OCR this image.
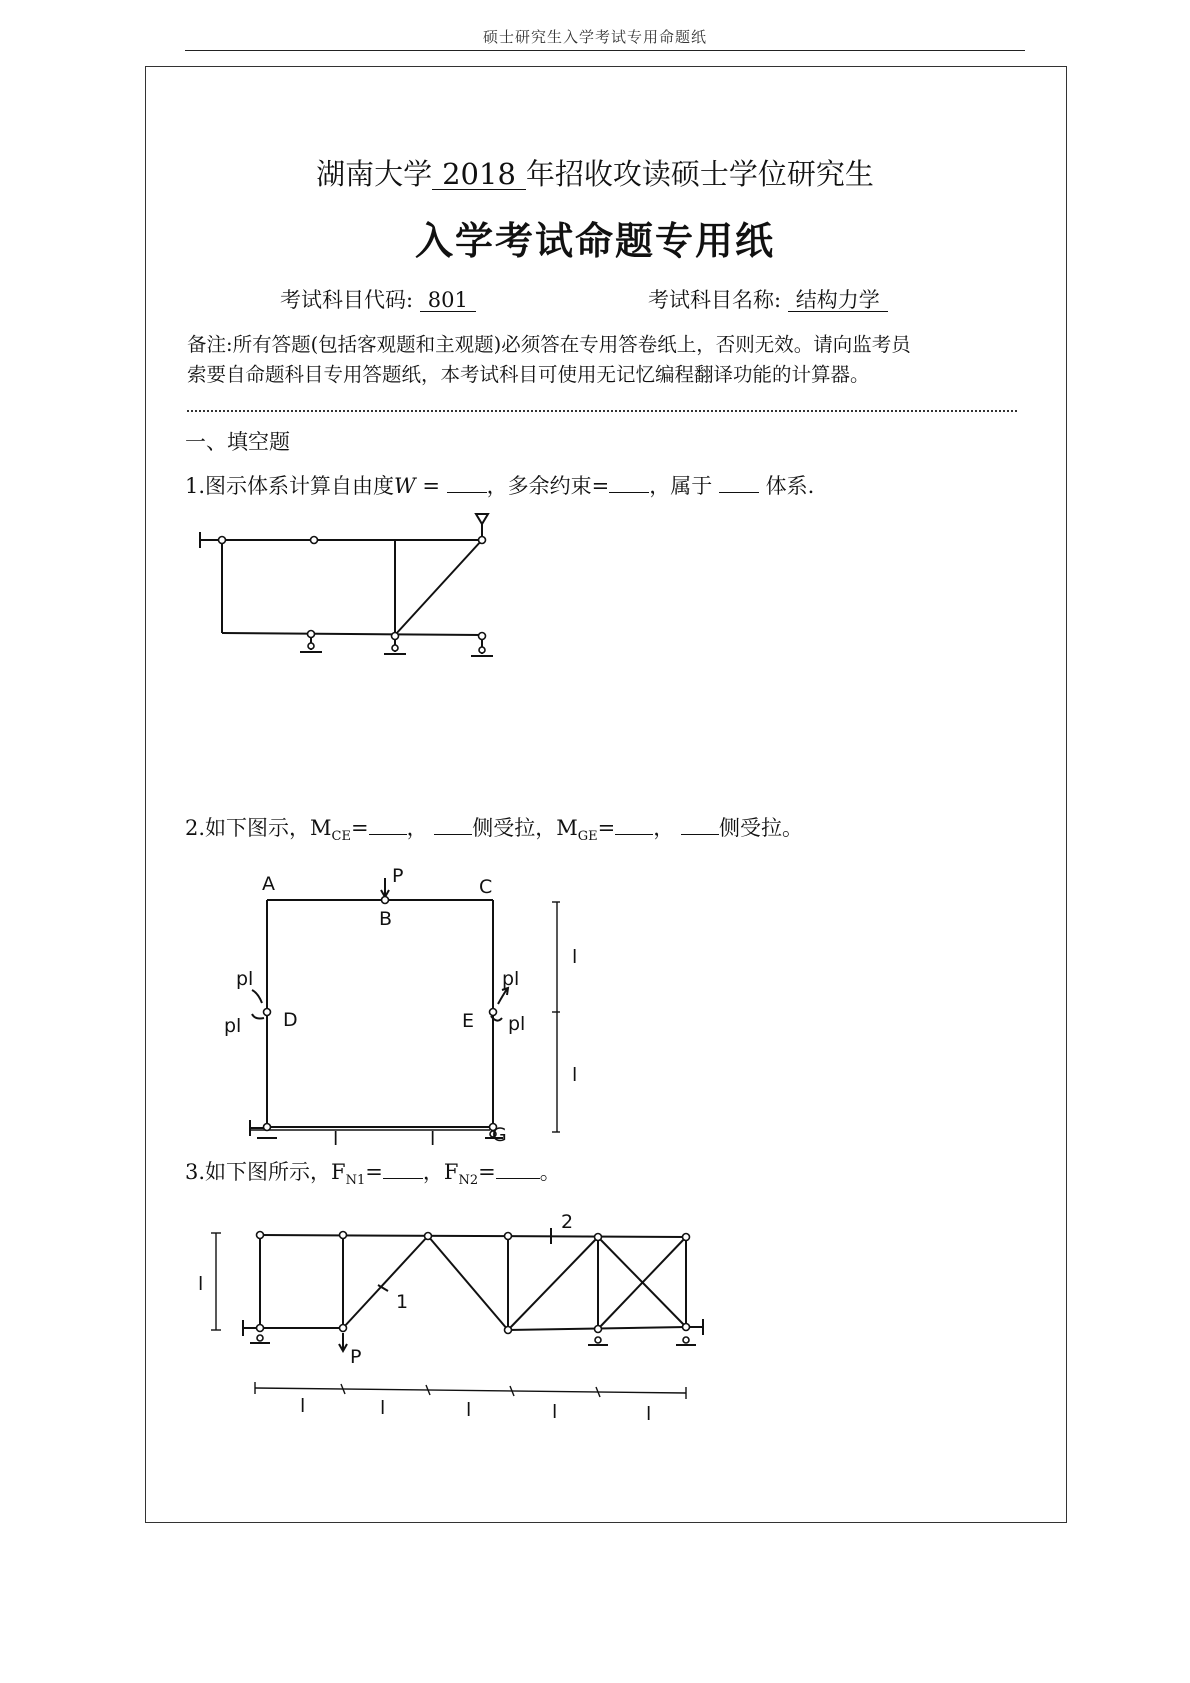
硕士研究生入学考试专用命题纸
湖南大学 2018 年招收攻读硕士学位研究生
入学考试命题专用纸
考试科目代码: 801	考试科目名称: 结构力学
备注:所有答题(包括客观题和主观题)必须答在专用答卷纸上，否则无效。请向监考员
索要自命题科目专用答题纸，本考试科目可使用无记忆编程翻译功能的计算器。
一、填空题
1.图示体系计算自由度W = ，多余约束= ，属于	体系.
2.如下图示，$M_{CE}=$ ， 侧受拉，$M_{GE}=$ ， 侧受拉。
A	C
B
P
D	E
G
pl
pl
pl
pl
l
l
l	l
3.如下图所示，$F_{N1}=$ ，$F_{N2}=$ 。
1
2
P
l
l	l	l	l	l
